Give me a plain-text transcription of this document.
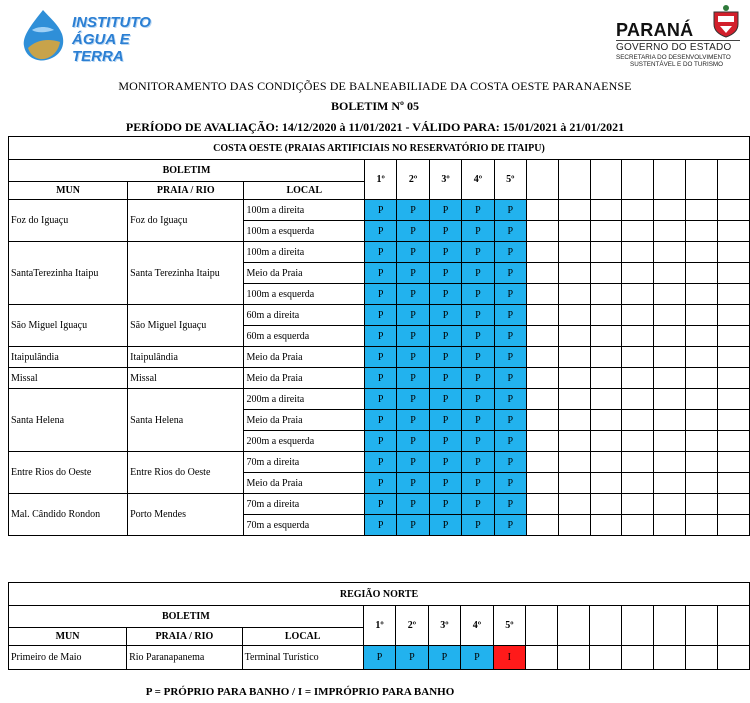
INSTITUTO
ÁGUA E TERRA
PARANÁ
GOVERNO DO ESTADO
SECRETARIA DO DESENVOLVIMENTO
SUSTENTÁVEL E DO TURISMO
MONITORAMENTO DAS CONDIÇÕES DE BALNEABILIADE DA COSTA OESTE PARANAENSE
BOLETIM Nº 05
PERÍODO DE AVALIAÇÃO: 14/12/2020 à 11/01/2021 - VÁLIDO PARA: 15/01/2021 à 21/01/2021
COSTA OESTE (PRAIAS ARTIFICIAIS NO RESERVATÓRIO DE ITAIPU)														
BOLETIM			1º	2º	3º	4º	5º							
MUN	PRAIA / RIO	LOCAL												
Foz do Iguaçu	Foz do Iguaçu	100m a direita	P	P	P	P	P							
		100m a esquerda	P	P	P	P	P							
SantaTerezinha Itaipu	Santa Terezinha Itaipu	100m a direita	P	P	P	P	P							
		Meio da Praia	P	P	P	P	P							
		100m a esquerda	P	P	P	P	P							
São Miguel Iguaçu	São Miguel Iguaçu	60m a direita	P	P	P	P	P							
		60m a esquerda	P	P	P	P	P							
Itaipulândia	Itaipulândia	Meio da Praia	P	P	P	P	P							
Missal	Missal	Meio da Praia	P	P	P	P	P							
Santa Helena	Santa Helena	200m a direita	P	P	P	P	P							
		Meio da Praia	P	P	P	P	P							
		200m a esquerda	P	P	P	P	P							
Entre Rios do Oeste	Entre Rios do Oeste	70m a direita	P	P	P	P	P							
		Meio da Praia	P	P	P	P	P							
Mal. Cândido Rondon	Porto Mendes	70m a direita	P	P	P	P	P							
		70m a esquerda	P	P	P	P	P							
REGIÃO NORTE														
BOLETIM			1º	2º	3º	4º	5º							
MUN	PRAIA / RIO	LOCAL												
Primeiro de Maio	Rio Paranapanema	Terminal Turístico	P	P	P	P	I							
P = PRÓPRIO PARA BANHO / I = IMPRÓPRIO PARA BANHO
